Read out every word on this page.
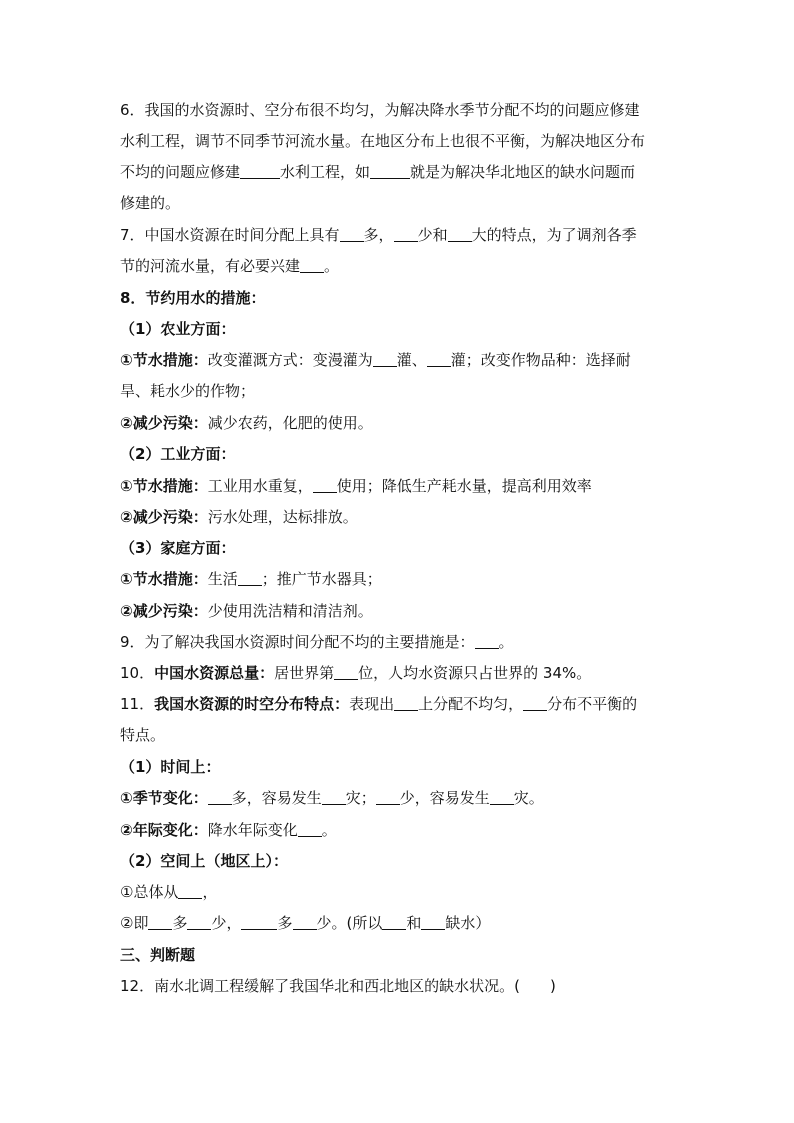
6．我国的水资源时、空分布很不均匀，为解决降水季节分配不均的问题应修建
水利工程，调节不同季节河流水量。在地区分布上也很不平衡，为解决地区分布
不均的问题应修建	水利工程，如	就是为解决华北地区的缺水问题而
修建的。
7．中国水资源在时间分配上具有 多， 少和 大的特点，为了调剂各季
节的河流水量，有必要兴建 。
8．节约用水的措施：
（1）农业方面：
①节水措施：改变灌溉方式：变漫灌为 灌、 灌；改变作物品种：选择耐
旱、耗水少的作物；
②减少污染：减少农药，化肥的使用。
（2）工业方面：
①节水措施：工业用水重复， 使用；降低生产耗水量，提高利用效率
②减少污染：污水处理，达标排放。
（3）家庭方面：
①节水措施：生活 ；推广节水器具；
②减少污染：少使用洗洁精和清洁剂。
9．为了解决我国水资源时间分配不均的主要措施是： 。
10．中国水资源总量：居世界第 位，人均水资源只占世界的 34%。
11．我国水资源的时空分布特点：表现出 上分配不均匀， 分布不平衡的
特点。
（1）时间上：
①季节变化： 多，容易发生 灾； 少，容易发生 灾。
②年际变化：降水年际变化 。
（2）空间上（地区上）：
①总体从 ，
②即 多 少， 多 少。(所以 和 缺水）
三、判断题
12．南水北调工程缓解了我国华北和西北地区的缺水状况。(　　)
